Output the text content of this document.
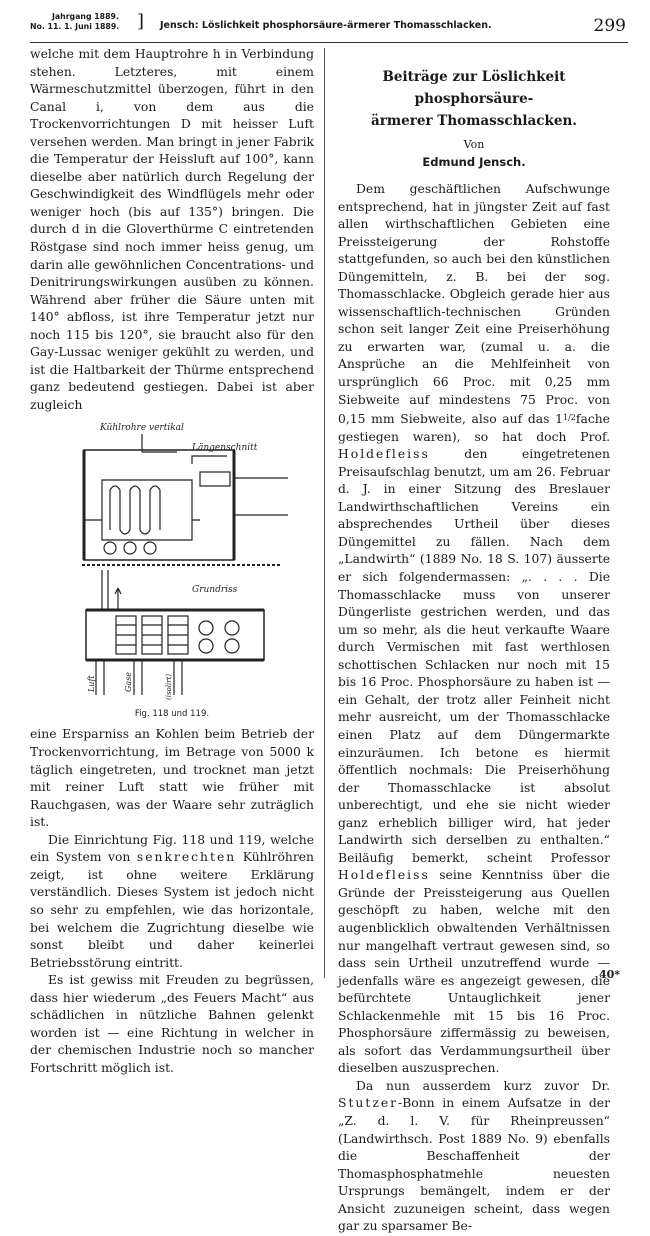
Jahrgang 1889.
No. 11. 1. Juni 1889. ] Jensch: Löslichkeit phosphorsäure-ärmerer Thomasschlacken.	299

welche mit dem Hauptrohre h in Verbindung stehen. Letzteres, mit einem Wärmeschutzmittel überzogen, führt in den Canal i, von dem aus die Trockenvorrichtungen D mit heisser Luft versehen werden. Man bringt in jener Fabrik die Temperatur der Heissluft auf 100°, kann dieselbe aber natürlich durch Regelung der Geschwindigkeit des Windflügels mehr oder weniger hoch (bis auf 135°) bringen. Die durch d in die Gloverthürme C eintretenden Röstgase sind noch immer heiss genug, um darin alle gewöhnlichen Concentrations- und Denitrirungswirkungen ausüben zu können. Während aber früher die Säure unten mit 140° abfloss, ist ihre Temperatur jetzt nur noch 115 bis 120°, sie braucht also für den Gay-Lussac weniger gekühlt zu werden, und ist die Haltbarkeit der Thürme entsprechend ganz bedeutend gestiegen. Dabei ist aber zugleich

Kühlrohre vertikal
Längenschnitt
Grundriss
Luft	Gase	(isolirt)
Fig. 118 und 119.

eine Ersparniss an Kohlen beim Betrieb der Trockenvorrichtung, im Betrage von 5000 k täglich eingetreten, und trocknet man jetzt mit reiner Luft statt wie früher mit Rauchgasen, was der Waare sehr zuträglich ist.

Die Einrichtung Fig. 118 und 119, welche ein System von senkrechten Kühlröhren zeigt, ist ohne weitere Erklärung verständlich. Dieses System ist jedoch nicht so sehr zu empfehlen, wie das horizontale, bei welchem die Zugrichtung dieselbe wie sonst bleibt und daher keinerlei Betriebsstörung eintritt.

Es ist gewiss mit Freuden zu begrüssen, dass hier wiederum „des Feuers Macht“ aus schädlichen in nützliche Bahnen gelenkt worden ist — eine Richtung in welcher in der chemischen Industrie noch so mancher Fortschritt möglich ist.

Beiträge zur Löslichkeit phosphorsäure-
ärmerer Thomasschlacken.
Von
Edmund Jensch.

Dem geschäftlichen Aufschwunge entsprechend, hat in jüngster Zeit auf fast allen wirthschaftlichen Gebieten eine Preissteigerung der Rohstoffe stattgefunden, so auch bei den künstlichen Düngemitteln, z. B. bei der sog. Thomasschlacke. Obgleich gerade hier aus wissenschaftlich-technischen Gründen schon seit langer Zeit eine Preiserhöhung zu erwarten war, (zumal u. a. die Ansprüche an die Mehlfeinheit von ursprünglich 66 Proc. mit 0,25 mm Siebweite auf mindestens 75 Proc. von 0,15 mm Siebweite, also auf das $1^{1/2}fache$ gestiegen waren), so hat doch Prof. Holdefleiss	den eingetretenen Preisaufschlag benutzt, um am 26. Februar d. J. in einer Sitzung des Breslauer Landwirthschaftlichen Vereins ein absprechendes Urtheil über dieses Düngemittel zu fällen. Nach dem „Landwirth“ (1889 No. 18 S. 107) äusserte er sich folgendermassen: „. . . . Die Thomasschlacke muss von unserer Düngerliste gestrichen werden, und das um so mehr, als die heut verkaufte Waare durch Vermischen mit fast werthlosen schottischen Schlacken nur noch mit 15 bis 16 Proc. Phosphorsäure zu haben ist — ein Gehalt, der trotz aller Feinheit nicht mehr ausreicht, um der Thomasschlacke einen Platz auf dem Düngermarkte einzuräumen. Ich betone es hiermit öffentlich nochmals: Die Preiserhöhung der Thomasschlacke ist absolut unberechtigt, und ehe sie nicht wieder ganz erheblich billiger wird, hat jeder Landwirth sich derselben zu enthalten.“ Beiläufig bemerkt, scheint Professor Holdefleiss seine Kenntniss über die Gründe der Preissteigerung aus Quellen geschöpft zu haben, welche mit den augenblicklich obwaltenden Verhältnissen nur mangelhaft vertraut gewesen sind, so dass sein Urtheil unzutreffend wurde — jedenfalls wäre es angezeigt gewesen, die befürchtete Untauglichkeit jener Schlackenmehle mit 15 bis 16 Proc. Phosphorsäure ziffermässig zu beweisen, als sofort das Verdammungsurtheil über dieselben auszusprechen.

Da nun ausserdem kurz zuvor Dr. Stutzer-Bonn in einem Aufsatze in der „Z. d. l. V. für Rheinpreussen“ (Landwirthsch. Post 1889 No. 9) ebenfalls die Beschaffenheit der Thomasphosphatmehle neuesten Ursprungs bemängelt, indem er der Ansicht zuzuneigen scheint, dass wegen gar zu sparsamer Be-

40*
